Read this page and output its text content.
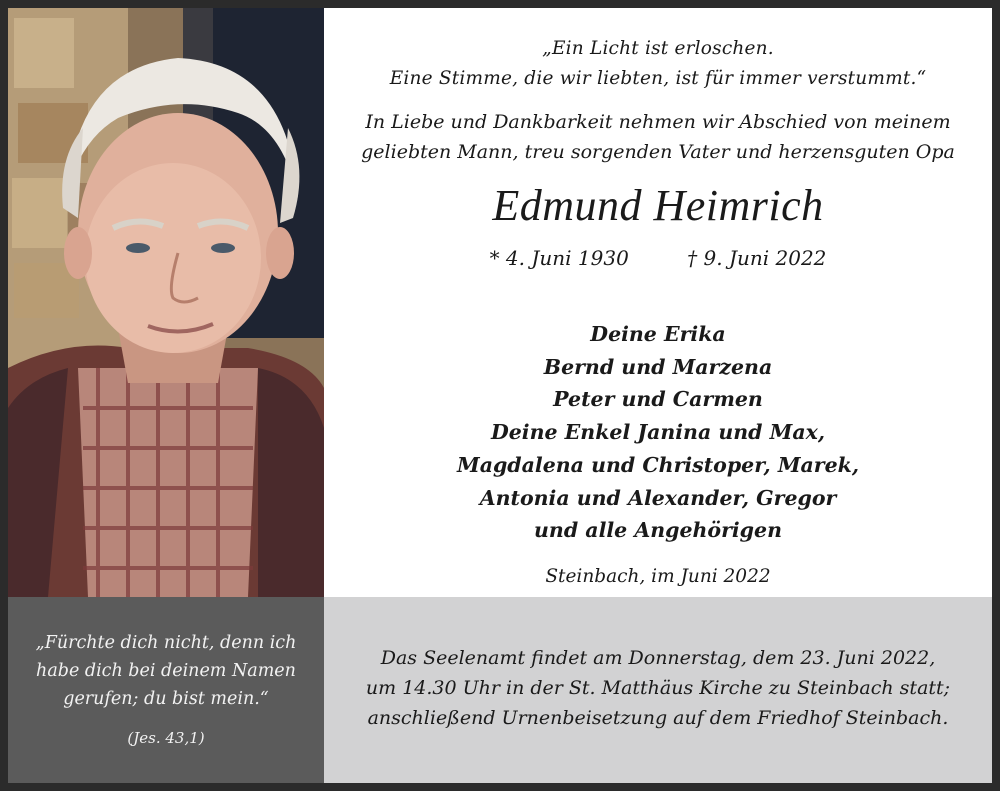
„Ein Licht ist erloschen.
Eine Stimme, die wir liebten, ist für immer verstummt.“
In Liebe und Dankbarkeit nehmen wir Abschied von meinem
geliebten Mann, treu sorgenden Vater und herzensguten Opa
Edmund Heimrich
* 4. Juni 1930	† 9. Juni 2022
Deine Erika
Bernd und Marzena
Peter und Carmen
Deine Enkel Janina und Max,
Magdalena und Christoper, Marek,
Antonia und Alexander, Gregor
und alle Angehörigen
Steinbach, im Juni 2022
„Fürchte dich nicht, denn ich
habe dich bei deinem Namen
gerufen; du bist mein.“
(Jes. 43,1)
Das Seelenamt findet am Donnerstag, dem 23. Juni 2022,
um 14.30 Uhr in der St. Matthäus Kirche zu Steinbach statt;
anschließend Urnenbeisetzung auf dem Friedhof Steinbach.
